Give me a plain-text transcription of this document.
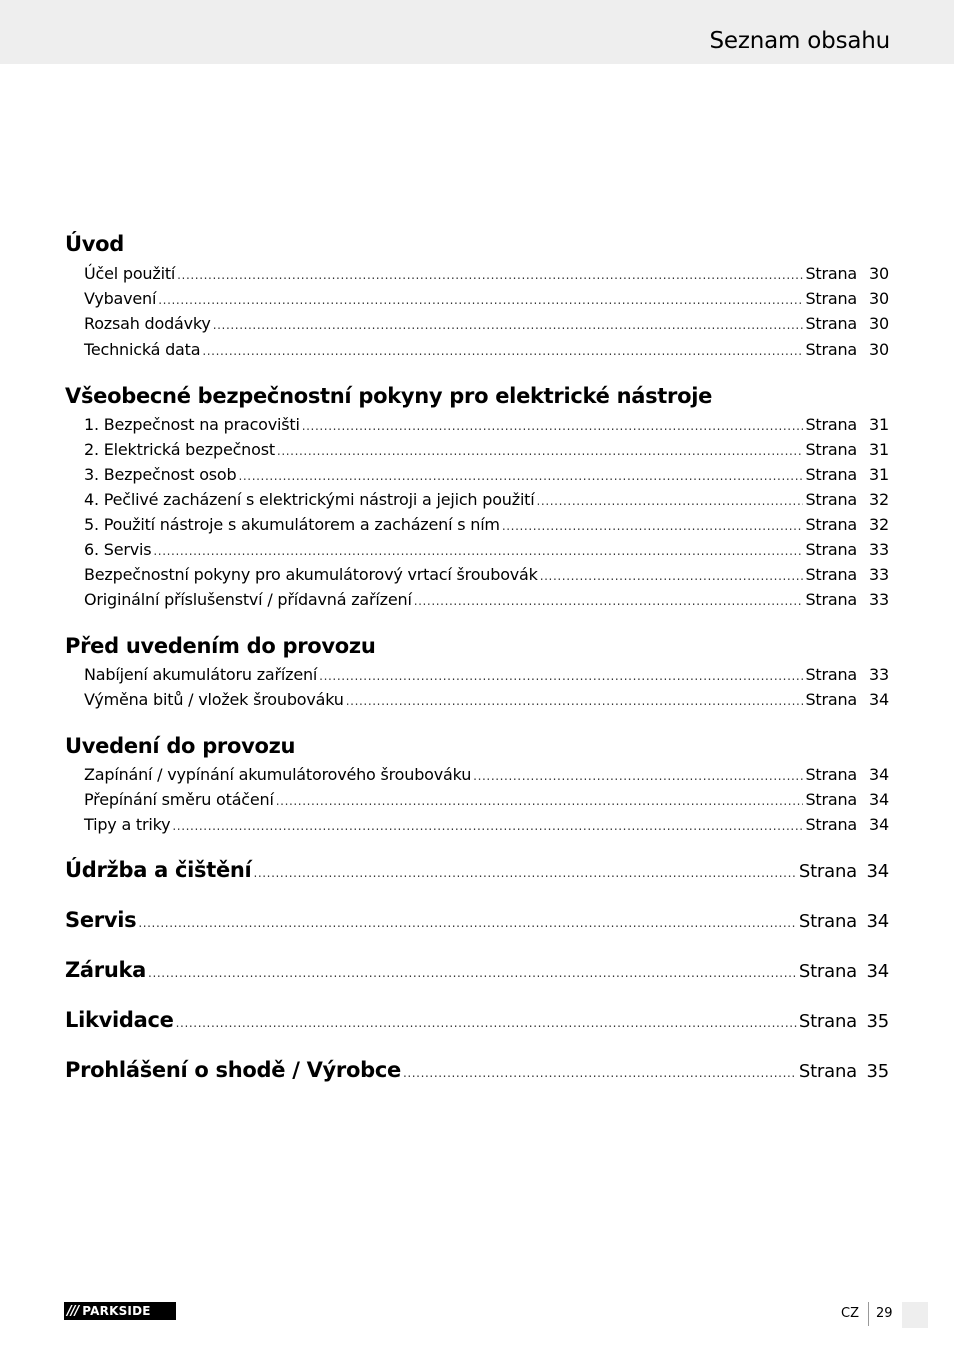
Seznam obsahu
Úvod
Účel použití .....	Strana 30
Vybavení .....	Strana 30
Rozsah dodávky .....	Strana 30
Technická data .....	Strana 30
Všeobecné bezpečnostní pokyny pro elektrické nástroje
1. Bezpečnost na pracovišti .....	Strana 31
2. Elektrická bezpečnost .....	Strana 31
3. Bezpečnost osob .....	Strana 31
4. Pečlivé zacházení s elektrickými nástroji a jejich použití .....	Strana 32
5. Použití nástroje s akumulátorem a zacházení s ním .....	Strana 32
6. Servis .....	Strana 33
Bezpečnostní pokyny pro akumulátorový vrtací šroubovák .....	Strana 33
Originální příslušenství / přídavná zařízení .....	Strana 33
Před uvedením do provozu
Nabíjení akumulátoru zařízení .....	Strana 33
Výměna bitů / vložek šroubováku .....	Strana 34
Uvedení do provozu
Zapínání / vypínání akumulátorového šroubováku .....	Strana 34
Přepínání směru otáčení .....	Strana 34
Tipy a triky .....	Strana 34
Údržba a čištění .....	Strana 34
Servis .....	Strana 34
Záruka .....	Strana 34
Likvidace .....	Strana 35
Prohlášení o shodě / Výrobce .....	Strana 35
/// PARKSIDE	CZ 29
